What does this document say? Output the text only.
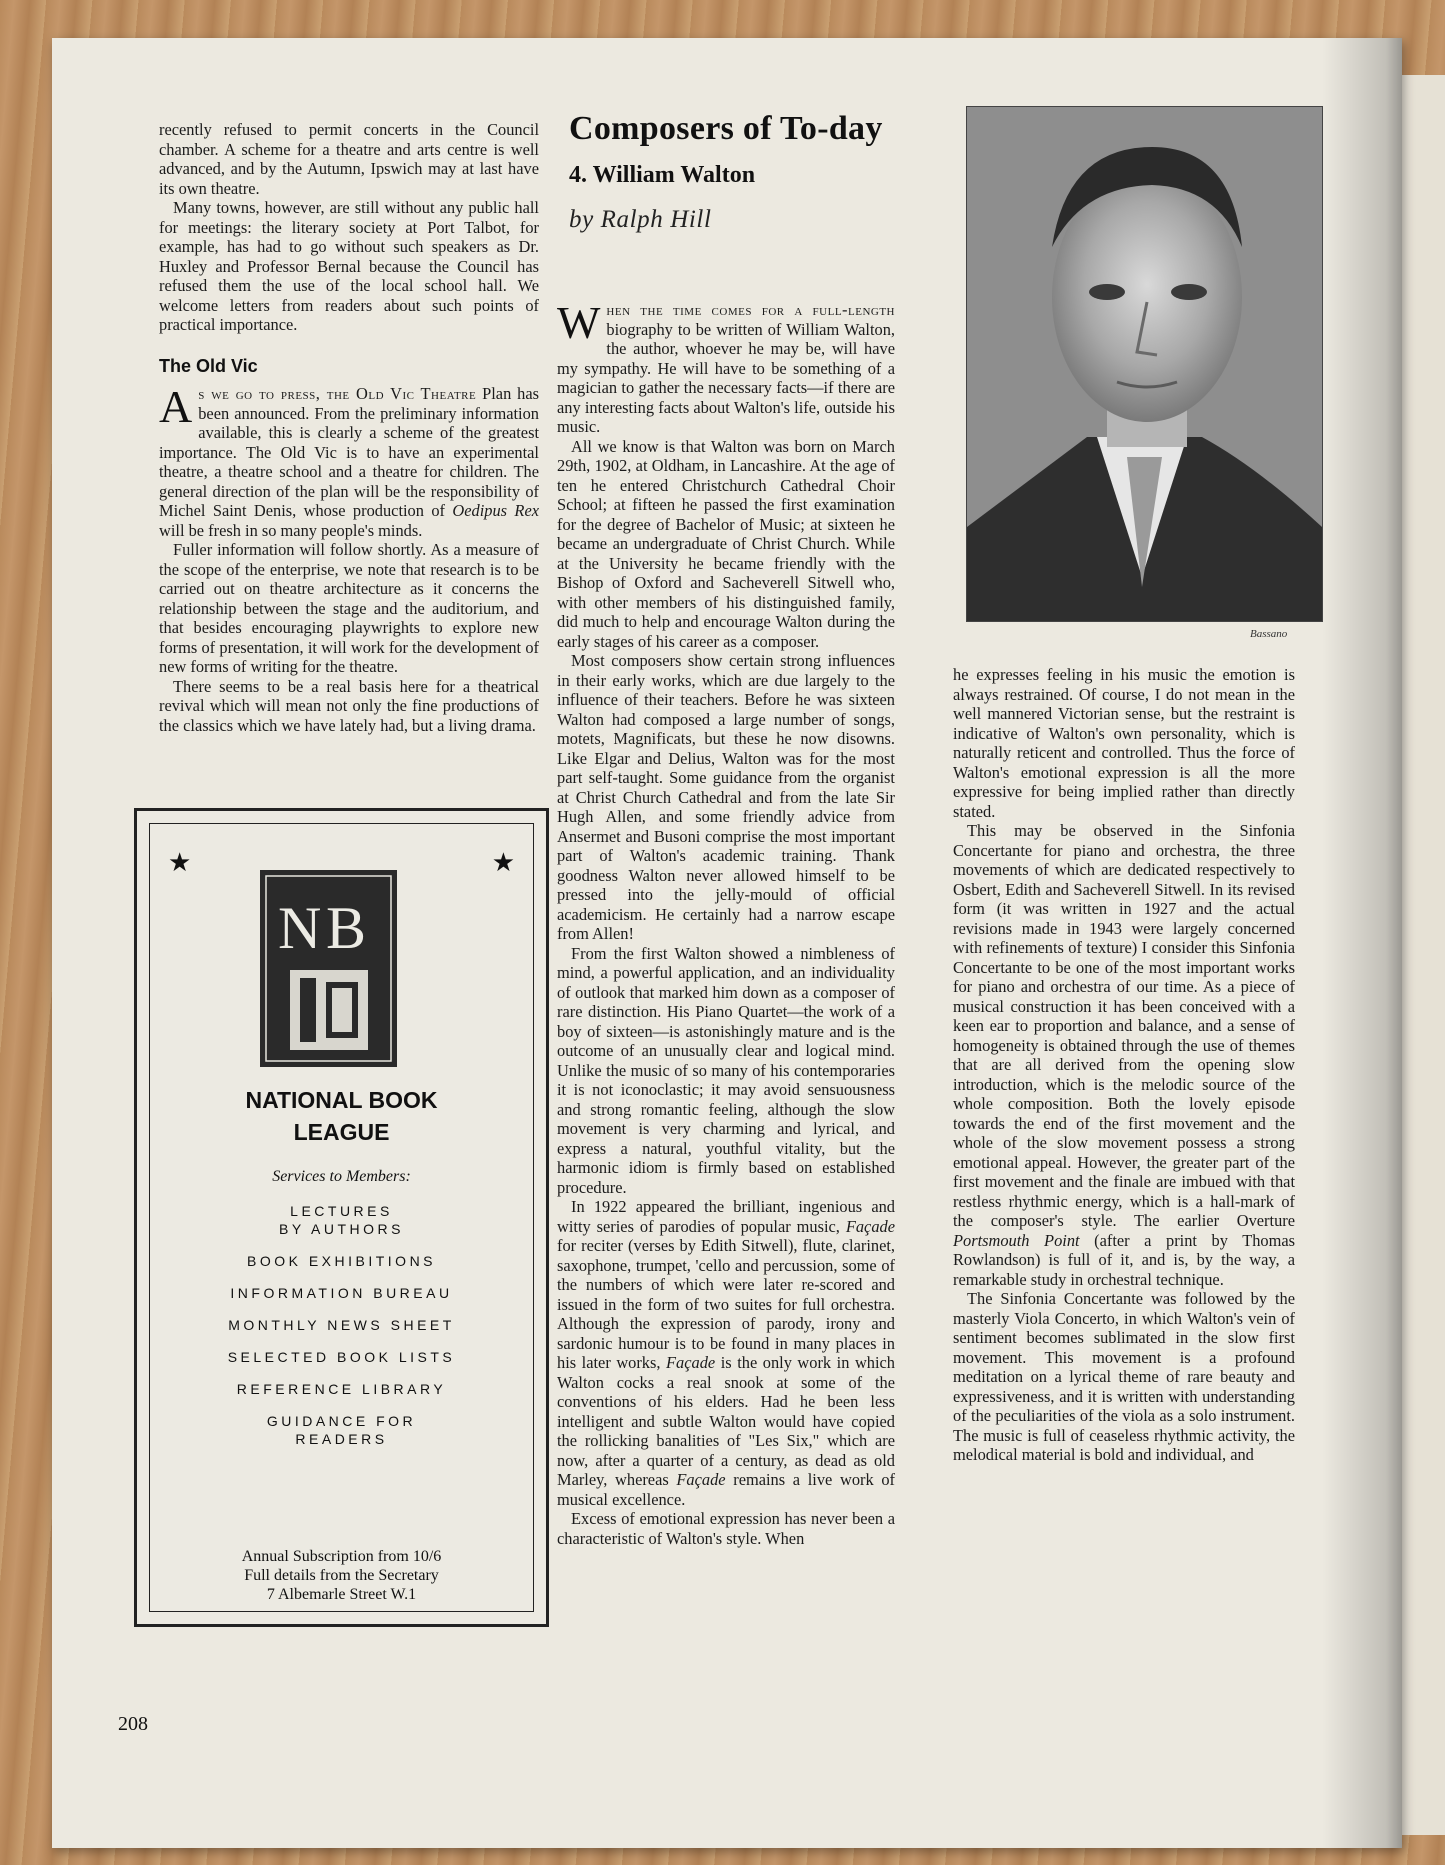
recently refused to permit concerts in the Council chamber. A scheme for a theatre and arts centre is well advanced, and by the Autumn, Ipswich may at last have its own theatre.

Many towns, however, are still without any public hall for meetings: the literary society at Port Talbot, for example, has had to go without such speakers as Dr. Huxley and Professor Bernal because the Council has refused them the use of the local school hall. We welcome letters from readers about such points of practical importance.

The Old Vic

As we go to press, the Old Vic Theatre Plan has been announced. From the preliminary information available, this is clearly a scheme of the greatest importance. The Old Vic is to have an experimental theatre, a theatre school and a theatre for children. The general direction of the plan will be the responsibility of Michel Saint Denis, whose production of Oedipus Rex will be fresh in so many people's minds.

Fuller information will follow shortly. As a measure of the scope of the enterprise, we note that research is to be carried out on theatre architecture as it concerns the relationship between the stage and the auditorium, and that besides encouraging playwrights to explore new forms of presentation, it will work for the development of new forms of writing for the theatre.

There seems to be a real basis here for a theatrical revival which will mean not only the fine productions of the classics which we have lately had, but a living drama.

★	★
N B
NATIONAL BOOK
LEAGUE
Services to Members:
LECTURES
BY AUTHORS
BOOK EXHIBITIONS
INFORMATION BUREAU
MONTHLY NEWS SHEET
SELECTED BOOK LISTS
REFERENCE LIBRARY
GUIDANCE FOR
READERS
Annual Subscription from 10/6
Full details from the Secretary
7 Albemarle Street W.1
Composers of To-day
4. William Walton
by Ralph Hill
Bassano

When the time comes for a full-length biography to be written of William Walton, the author, whoever he may be, will have my sympathy. He will have to be something of a magician to gather the necessary facts—if there are any interesting facts about Walton's life, outside his music.

All we know is that Walton was born on March 29th, 1902, at Oldham, in Lancashire. At the age of ten he entered Christchurch Cathedral Choir School; at fifteen he passed the first examination for the degree of Bachelor of Music; at sixteen he became an undergraduate of Christ Church. While at the University he became friendly with the Bishop of Oxford and Sacheverell Sitwell who, with other members of his distinguished family, did much to help and encourage Walton during the early stages of his career as a composer.

Most composers show certain strong influences in their early works, which are due largely to the influence of their teachers. Before he was sixteen Walton had composed a large number of songs, motets, Magnificats, but these he now disowns. Like Elgar and Delius, Walton was for the most part self-taught. Some guidance from the organist at Christ Church Cathedral and from the late Sir Hugh Allen, and some friendly advice from Ansermet and Busoni comprise the most important part of Walton's academic training. Thank goodness Walton never allowed himself to be pressed into the jelly-mould of official academicism. He certainly had a narrow escape from Allen!

From the first Walton showed a nimbleness of mind, a powerful application, and an individuality of outlook that marked him down as a composer of rare distinction. His Piano Quartet—the work of a boy of sixteen—is astonishingly mature and is the outcome of an unusually clear and logical mind. Unlike the music of so many of his contemporaries it is not iconoclastic; it may avoid sensuousness and strong romantic feeling, although the slow movement is very charming and lyrical, and express a natural, youthful vitality, but the harmonic idiom is firmly based on established procedure.

In 1922 appeared the brilliant, ingenious and witty series of parodies of popular music, Façade for reciter (verses by Edith Sitwell), flute, clarinet, saxophone, trumpet, 'cello and percussion, some of the numbers of which were later re-scored and issued in the form of two suites for full orchestra. Although the expression of parody, irony and sardonic humour is to be found in many places in his later works, Façade is the only work in which Walton cocks a real snook at some of the conventions of his elders. Had he been less intelligent and subtle Walton would have copied the rollicking banalities of "Les Six," which are now, after a quarter of a century, as dead as old Marley, whereas Façade remains a live work of musical excellence.

Excess of emotional expression has never been a characteristic of Walton's style. When

he expresses feeling in his music the emotion is always restrained. Of course, I do not mean in the well mannered Victorian sense, but the restraint is indicative of Walton's own personality, which is naturally reticent and controlled. Thus the force of Walton's emotional expression is all the more expressive for being implied rather than directly stated.

This may be observed in the Sinfonia Concertante for piano and orchestra, the three movements of which are dedicated respectively to Osbert, Edith and Sacheverell Sitwell. In its revised form (it was written in 1927 and the actual revisions made in 1943 were largely concerned with refinements of texture) I consider this Sinfonia Concertante to be one of the most important works for piano and orchestra of our time. As a piece of musical construction it has been conceived with a keen ear to proportion and balance, and a sense of homogeneity is obtained through the use of themes that are all derived from the opening slow introduction, which is the melodic source of the whole composition. Both the lovely episode towards the end of the first movement and the whole of the slow movement possess a strong emotional appeal. However, the greater part of the first movement and the finale are imbued with that restless rhythmic energy, which is a hall-mark of the composer's style. The earlier Overture Portsmouth Point (after a print by Thomas Rowlandson) is full of it, and is, by the way, a remarkable study in orchestral technique.

The Sinfonia Concertante was followed by the masterly Viola Concerto, in which Walton's vein of sentiment becomes sublimated in the slow first movement. This movement is a profound meditation on a lyrical theme of rare beauty and expressiveness, and it is written with understanding of the peculiarities of the viola as a solo instrument. The music is full of ceaseless rhythmic activity, the melodical material is bold and individual, and

208
